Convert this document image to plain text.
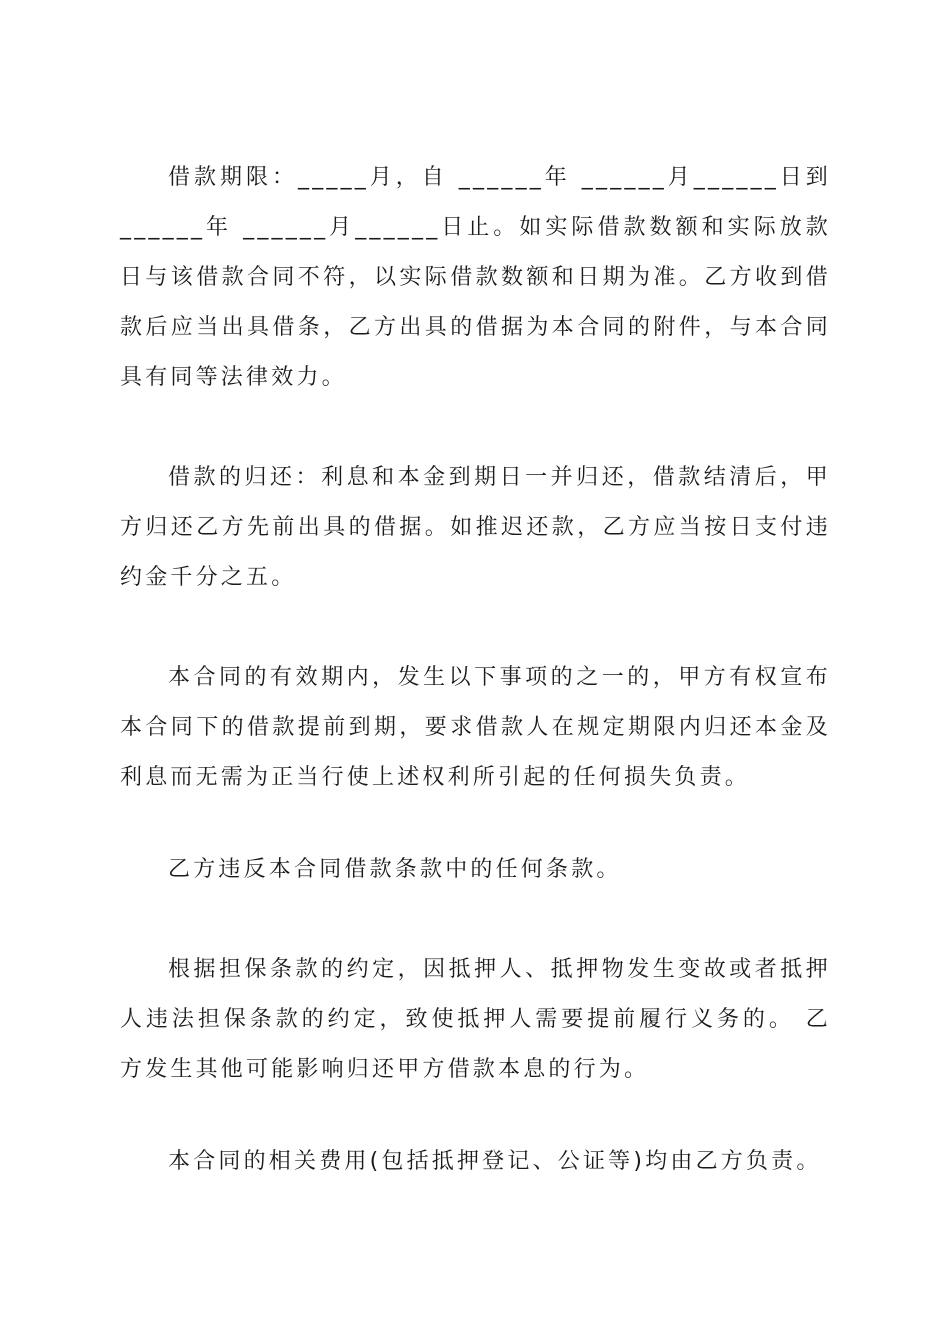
借款期限：_____月，自 ______年 ______月______日到 ______年 ______月______日止。如实际借款数额和实际放款日与该借款合同不符，以实际借款数额和日期为准。乙方收到借款后应当出具借条，乙方出具的借据为本合同的附件，与本合同具有同等法律效力。

借款的归还：利息和本金到期日一并归还，借款结清后，甲方归还乙方先前出具的借据。如推迟还款，乙方应当按日支付违约金千分之五。

本合同的有效期内，发生以下事项的之一的，甲方有权宣布本合同下的借款提前到期，要求借款人在规定期限内归还本金及利息而无需为正当行使上述权利所引起的任何损失负责。

乙方违反本合同借款条款中的任何条款。

根据担保条款的约定，因抵押人、抵押物发生变故或者抵押人违法担保条款的约定，致使抵押人需要提前履行义务的。 乙方发生其他可能影响归还甲方借款本息的行为。

本合同的相关费用(包括抵押登记、公证等)均由乙方负责。
